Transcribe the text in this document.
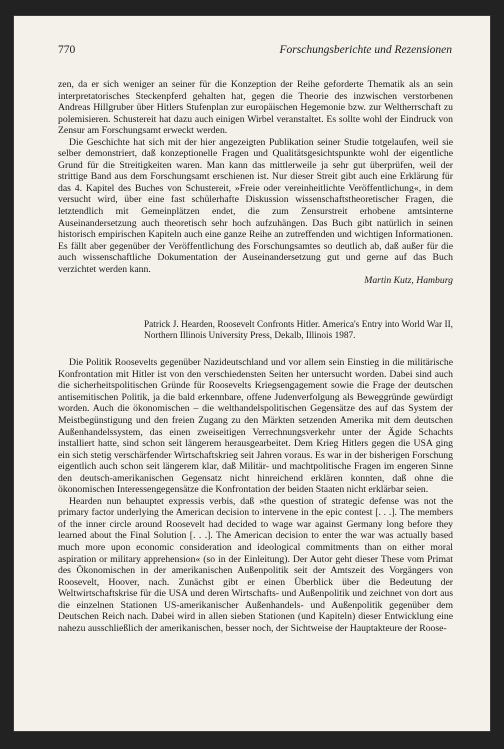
770	Forschungsberichte und Rezensionen

zen, da er sich weniger an seiner für die Konzeption der Reihe geforderte Thematik als an sein interpretatorisches Steckenpferd gehalten hat, gegen die Theorie des inzwischen verstorbenen Andreas Hillgruber über Hitlers Stufenplan zur europäischen Hegemonie bzw. zur Weltherrschaft zu polemisieren. Schustereit hat dazu auch einigen Wirbel veranstaltet. Es sollte wohl der Eindruck von Zensur am Forschungsamt erweckt werden.

Die Geschichte hat sich mit der hier angezeigten Publikation seiner Studie totgelaufen, weil sie selber demonstriert, daß konzeptionelle Fragen und Qualitätsgesichtspunkte wohl der eigentliche Grund für die Streitigkeiten waren. Man kann das mittlerweile ja sehr gut überprüfen, weil der strittige Band aus dem Forschungsamt erschienen ist. Nur dieser Streit gibt auch eine Erklärung für das 4. Kapitel des Buches von Schustereit, »Freie oder vereinheitlichte Veröffentlichung«, in dem versucht wird, über eine fast schülerhafte Diskussion wissenschaftstheoretischer Fragen, die letztendlich mit Gemeinplätzen endet, die zum Zensurstreit erhobene amtsinterne Auseinandersetzung auch theoretisch sehr hoch aufzuhängen. Das Buch gibt natürlich in seinen historisch empirischen Kapiteln auch eine ganze Reihe an zutreffenden und wichtigen Informationen. Es fällt aber gegenüber der Veröffentlichung des Forschungsamtes so deutlich ab, daß außer für die auch wissenschaftliche Dokumentation der Auseinandersetzung gut und gerne auf das Buch verzichtet werden kann.

Martin Kutz, Hamburg
Patrick J. Hearden, Roosevelt Confronts Hitler. America's Entry into World War II, Northern Illinois University Press, Dekalb, Illinois 1987.

Die Politik Roosevelts gegenüber Nazideutschland und vor allem sein Einstieg in die militärische Konfrontation mit Hitler ist von den verschiedensten Seiten her untersucht worden. Dabei sind auch die sicherheitspolitischen Gründe für Roosevelts Kriegsengagement sowie die Frage der deutschen antisemitischen Politik, ja die bald erkennbare, offene Judenverfolgung als Beweggründe gewürdigt worden. Auch die ökonomischen – die welthandelspolitischen Gegensätze des auf das System der Meistbegünstigung und den freien Zugang zu den Märkten setzenden Amerika mit dem deutschen Außenhandelssystem, das einen zweiseitigen Verrechnungsverkehr unter der Ägide Schachts installiert hatte, sind schon seit längerem herausgearbeitet. Dem Krieg Hitlers gegen die USA ging ein sich stetig verschärfender Wirtschaftskrieg seit Jahren voraus. Es war in der bisherigen Forschung eigentlich auch schon seit längerem klar, daß Militär- und machtpolitische Fragen im engeren Sinne den deutsch-amerikanischen Gegensatz nicht hinreichend erklären konnten, daß ohne die ökonomischen Interessengegensätze die Konfrontation der beiden Staaten nicht erklärbar seien.

Hearden nun behauptet expressis verbis, daß »the question of strategic defense was not the primary factor underlying the American decision to intervene in the epic contest [. . .]. The members of the inner circle around Roosevelt had decided to wage war against Germany long before they learned about the Final Solution [. . .]. The American decision to enter the war was actually based much more upon economic consideration and ideological commitments than on either moral aspiration or military apprehension« (so in der Einleitung). Der Autor geht dieser These vom Primat des Ökonomischen in der amerikanischen Außenpolitik seit der Amtszeit des Vorgängers von Roosevelt, Hoover, nach. Zunächst gibt er einen Überblick über die Bedeutung der Weltwirtschaftskrise für die USA und deren Wirtschafts- und Außenpolitik und zeichnet von dort aus die einzelnen Stationen US-amerikanischer Außenhandels- und Außenpolitik gegenüber dem Deutschen Reich nach. Dabei wird in allen sieben Stationen (und Kapiteln) dieser Entwicklung eine nahezu ausschließlich der amerikanischen, besser noch, der Sichtweise der Hauptakteure der Roose-
